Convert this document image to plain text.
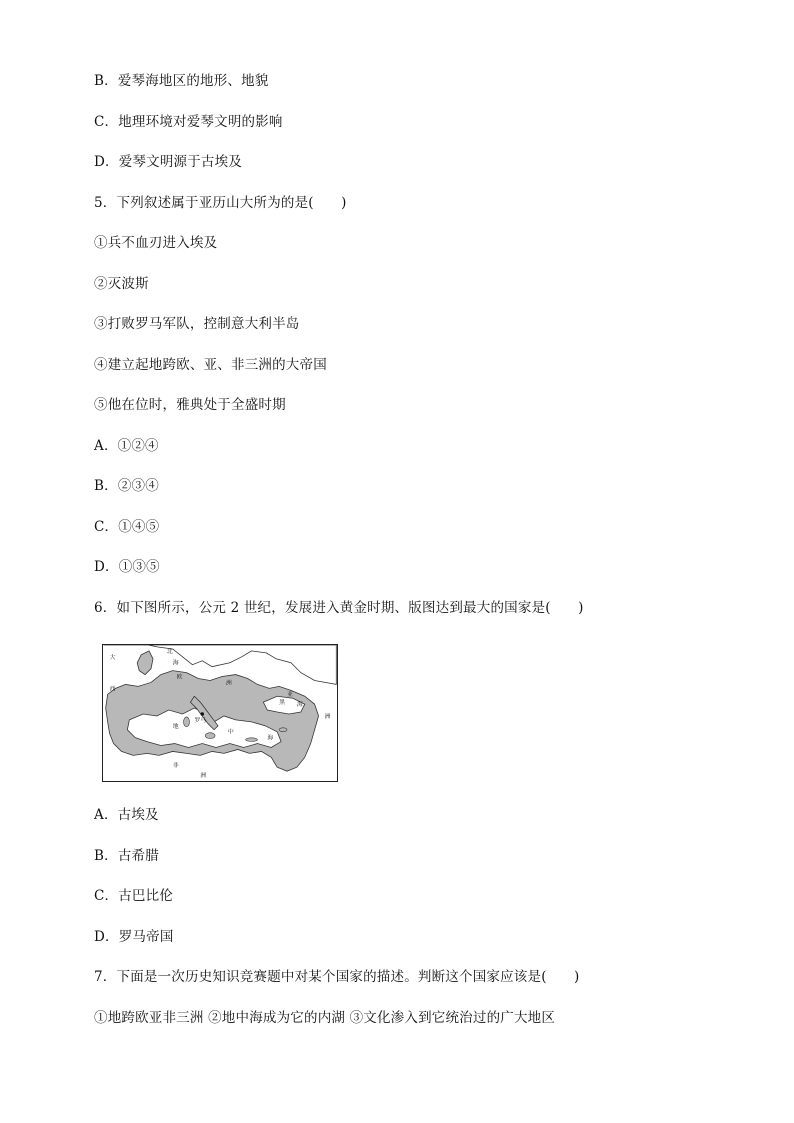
B．爱琴海地区的地形、地貌
C．地理环境对爱琴文明的影响
D．爱琴文明源于古埃及
5．下列叙述属于亚历山大所为的是(　　)
①兵不血刃进入埃及
②灭波斯
③打败罗马军队，控制意大利半岛
④建立起地跨欧、亚、非三洲的大帝国
⑤他在位时，雅典处于全盛时期
A．①②④
B．②③④
C．①④⑤
D．①③⑤
6．如下图所示，公元 2 世纪，发展进入黄金时期、版图达到最大的国家是(　　)
大
西
北
海
欧
洲
黑 海
亚
洲
地
中
海
罗马
非
洲
A．古埃及
B．古希腊
C．古巴比伦
D．罗马帝国
7．下面是一次历史知识竞赛题中对某个国家的描述。判断这个国家应该是(　　)
①地跨欧亚非三洲 ②地中海成为它的内湖 ③文化渗入到它统治过的广大地区
